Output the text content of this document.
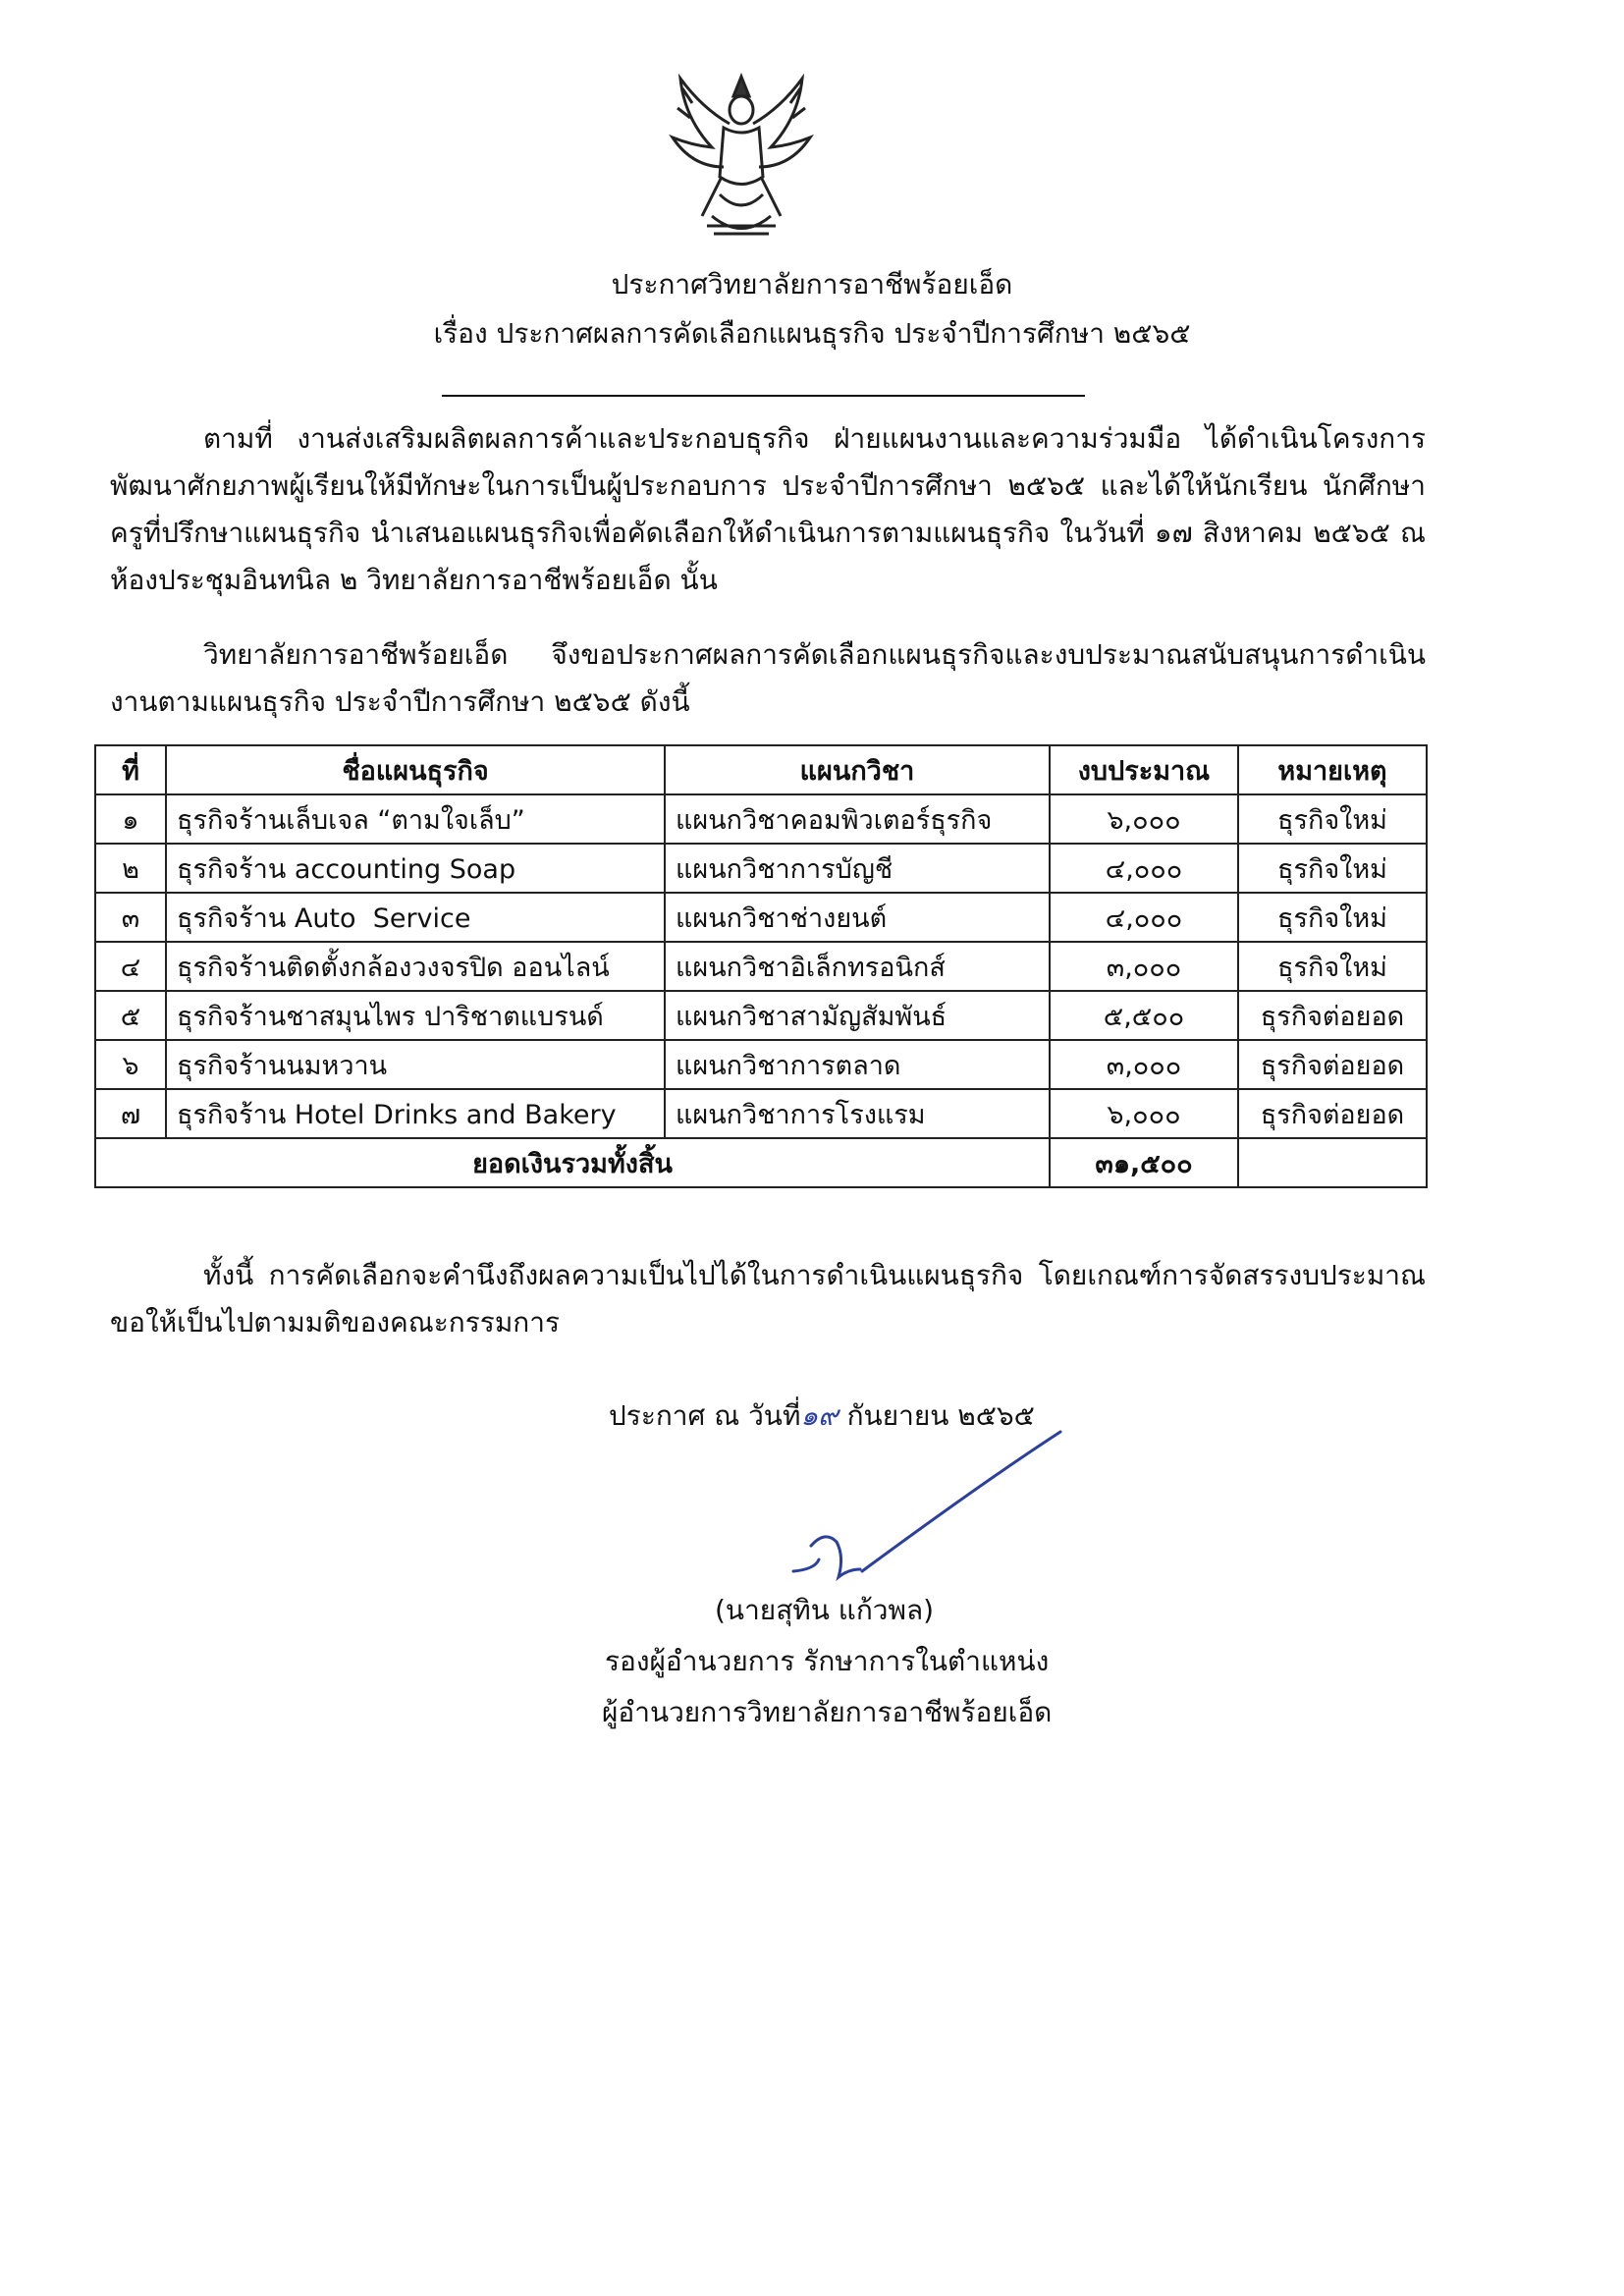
ประกาศวิทยาลัยการอาชีพร้อยเอ็ด
เรื่อง ประกาศผลการคัดเลือกแผนธุรกิจ ประจำปีการศึกษา ๒๕๖๕

ตามที่ งานส่งเสริมผลิตผลการค้าและประกอบธุรกิจ ฝ่ายแผนงานและความร่วมมือ ได้ดำเนินโครงการพัฒนาศักยภาพผู้เรียนให้มีทักษะในการเป็นผู้ประกอบการ ประจำปีการศึกษา ๒๕๖๕ และได้ให้นักเรียน นักศึกษา ครูที่ปรึกษาแผนธุรกิจ นำเสนอแผนธุรกิจเพื่อคัดเลือกให้ดำเนินการตามแผนธุรกิจ ในวันที่ ๑๗ สิงหาคม ๒๕๖๕ ณ ห้องประชุมอินทนิล ๒ วิทยาลัยการอาชีพร้อยเอ็ด นั้น

วิทยาลัยการอาชีพร้อยเอ็ด จึงขอประกาศผลการคัดเลือกแผนธุรกิจและงบประมาณสนับสนุนการดำเนินงานตามแผนธุรกิจ ประจำปีการศึกษา ๒๕๖๕ ดังนี้

ที่	ชื่อแผนธุรกิจ	แผนกวิชา	งบประมาณ	หมายเหตุ
๑	ธุรกิจร้านเล็บเจล “ตามใจเล็บ”	แผนกวิชาคอมพิวเตอร์ธุรกิจ	๖,๐๐๐	ธุรกิจใหม่
๒	ธุรกิจร้าน accounting Soap	แผนกวิชาการบัญชี	๔,๐๐๐	ธุรกิจใหม่
๓	ธุรกิจร้าน Auto  Service	แผนกวิชาช่างยนต์	๔,๐๐๐	ธุรกิจใหม่
๔	ธุรกิจร้านติดตั้งกล้องวงจรปิด ออนไลน์	แผนกวิชาอิเล็กทรอนิกส์	๓,๐๐๐	ธุรกิจใหม่
๕	ธุรกิจร้านชาสมุนไพร ปาริชาตแบรนด์	แผนกวิชาสามัญสัมพันธ์	๕,๕๐๐	ธุรกิจต่อยอด
๖	ธุรกิจร้านนมหวาน	แผนกวิชาการตลาด	๓,๐๐๐	ธุรกิจต่อยอด
๗	ธุรกิจร้าน Hotel Drinks and Bakery	แผนกวิชาการโรงแรม	๖,๐๐๐	ธุรกิจต่อยอด
ยอดเงินรวมทั้งสิ้น			๓๑,๕๐๐	

ทั้งนี้ การคัดเลือกจะคำนึงถึงผลความเป็นไปได้ในการดำเนินแผนธุรกิจ โดยเกณฑ์การจัดสรรงบประมาณขอให้เป็นไปตามมติของคณะกรรมการ

ประกาศ ณ วันที่๑๙ กันยายน ๒๕๖๕
(นายสุทิน แก้วพล)
รองผู้อำนวยการ รักษาการในตำแหน่ง
ผู้อำนวยการวิทยาลัยการอาชีพร้อยเอ็ด
